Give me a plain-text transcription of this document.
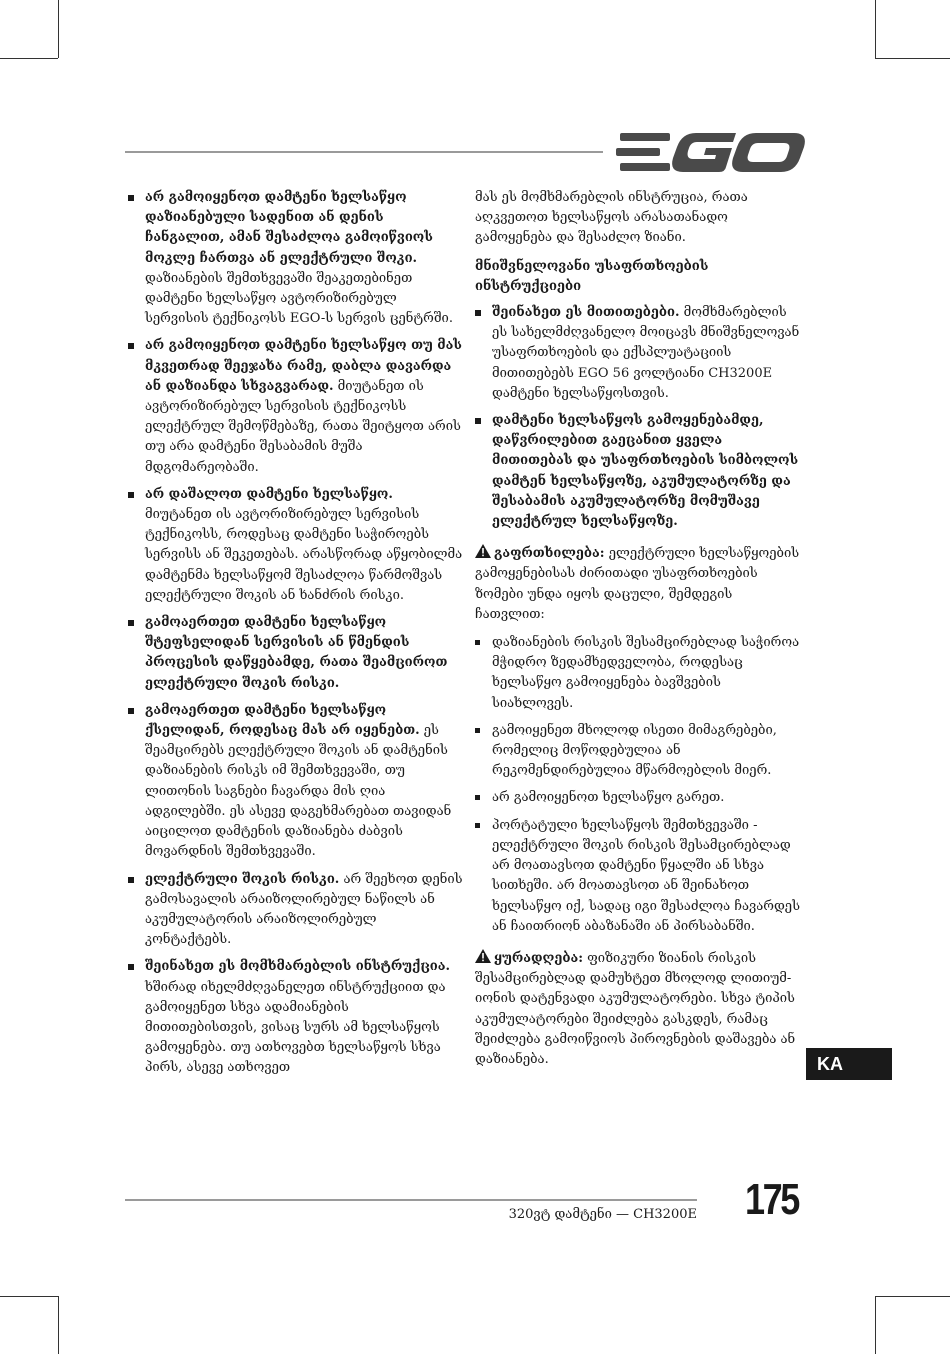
არ გამოიყენოთ დამტენი ხელსაწყო დაზიანებული სადენით ან დენის ჩანგალით, ამან შესაძლოა გამოიწვიოს მოკლე ჩართვა ან ელექტრული შოკი. დაზიანების შემთხვევაში შეაკეთებინეთ დამტენი ხელსაწყო ავტორიზირებულ სერვისის ტექნიკოსს EGO-ს სერვის ცენტრში.
არ გამოიყენოთ დამტენი ხელსაწყო თუ მას მკვეთრად შეეჯახა რამე, დაბლა დავარდა ან დაზიანდა სხვაგვარად. მიუტანეთ ის ავტორიზირებულ სერვისის ტექნიკოსს ელექტრულ შემოწმებაზე, რათა შეიტყოთ არის თუ არა დამტენი შესაბამის მუშა მდგომარეობაში.
არ დაშალოთ დამტენი ხელსაწყო. მიუტანეთ ის ავტორიზირებულ სერვისის ტექნიკოსს, როდესაც დამტენი საჭიროებს სერვისს ან შეკეთებას. არასწორად აწყობილმა დამტენმა ხელსაწყომ შესაძლოა წარმოშვას ელექტრული შოკის ან ხანძრის რისკი.
გამოაერთეთ დამტენი ხელსაწყო შტეფსელიდან სერვისის ან წმენდის პროცესის დაწყებამდე, რათა შეამციროთ ელექტრული შოკის რისკი.
გამოაერთეთ დამტენი ხელსაწყო ქსელიდან, როდესაც მას არ იყენებთ. ეს შეამცირებს ელექტრული შოკის ან დამტენის დაზიანების რისკს იმ შემთხვევაში, თუ ლითონის საგნები ჩავარდა მის ღია ადგილებში. ეს ასევე დაგეხმარებათ თავიდან აიცილოთ დამტენის დაზიანება ძაბვის მოვარდნის შემთხვევაში.
ელექტრული შოკის რისკი. არ შეეხოთ დენის გამოსავალის არაიზოლირებულ ნაწილს ან აკუმულატორის არაიზოლირებულ კონტაქტებს.
შეინახეთ ეს მომხმარებლის ინსტრუქცია. ხშირად იხელმძღვანელეთ ინსტრუქციით და გამოიყენეთ სხვა ადამიანების მითითებისთვის, ვისაც სურს ამ ხელსაწყოს გამოყენება. თუ ათხოვებთ ხელსაწყოს სხვა პირს, ასევე ათხოვეთ
მას ეს მომხმარებლის ინსტრუცია, რათა აღკვეთოთ ხელსაწყოს არასათანადო გამოყენება და შესაძლო ზიანი.
მნიშვნელოვანი უსაფრთხოების ინსტრუქციები
შეინახეთ ეს მითითებები. მომხმარებლის ეს სახელმძღვანელო მოიცავს მნიშვნელოვან უსაფრთხოების და ექსპლუატაციის მითითებებს EGO 56 ვოლტიანი CH3200E დამტენი ხელსაწყოსთვის.
დამტენი ხელსაწყოს გამოყენებამდე, დაწვრილებით გაეცანით ყველა მითითებას და უსაფრთხოების სიმბოლოს დამტენ ხელსაწყოზე, აკუმულატორზე და შესაბამის აკუმულატორზე მომუშავე ელექტრულ ხელსაწყოზე.
გაფრთხილება: ელექტრული ხელსაწყოების გამოყენებისას ძირითადი უსაფრთხოების ზომები უნდა იყოს დაცული, შემდეგის ჩათვლით:
დაზიანების რისკის შესამცირებლად საჭიროა მჭიდრო ზედამხედველობა, როდესაც ხელსაწყო გამოიყენება ბავშვების სიახლოვეს.
გამოიყენეთ მხოლოდ ისეთი მიმაგრებები, რომელიც მოწოდებულია ან რეკომენდირებულია მწარმოებლის მიერ.
არ გამოიყენოთ ხელსაწყო გარეთ.
პორტატული ხელსაწყოს შემთხვევაში - ელექტრული შოკის რისკის შესამცირებლად არ მოათავსოთ დამტენი წყალში ან სხვა სითხეში. არ მოათავსოთ ან შეინახოთ ხელსაწყო იქ, სადაც იგი შესაძლოა ჩავარდეს ან ჩაითრიონ აბაზანაში ან პირსაბანში.
ყურადღება: ფიზიკური ზიანის რისკის შესამცირებლად დამუხტეთ მხოლოდ ლითიუმ-იონის დატენვადი აკუმულატორები. სხვა ტიპის აკუმულატორები შეიძლება გასკდეს, რამაც შეიძლება გამოიწვიოს პიროვნების დაშავება ან დაზიანება.	KA
320ვტ დამტენი — CH3200E 175
